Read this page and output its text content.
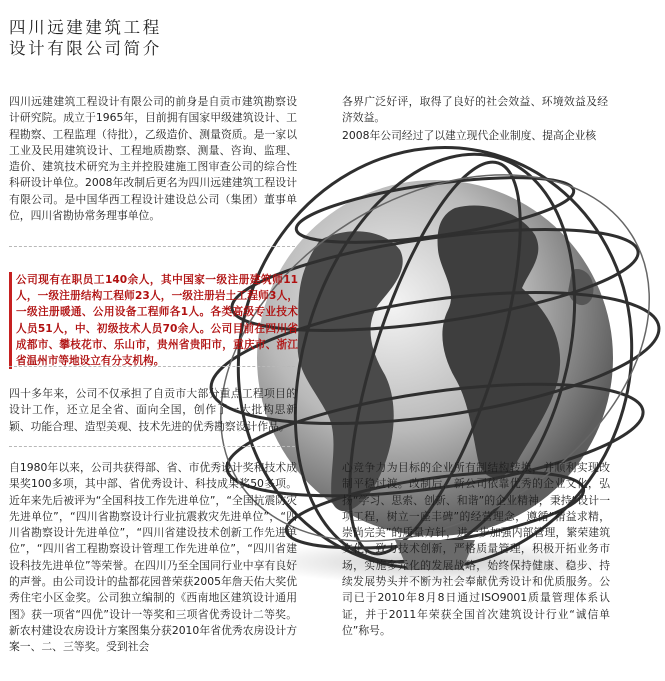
四川远建建筑工程
设计有限公司简介

四川远建建筑工程设计有限公司的前身是自贡市建筑勘察设计研究院。成立于1965年，目前拥有国家甲级建筑设计、工程勘察、工程监理（待批），乙级造价、测量资质。是一家以工业及民用建筑设计、工程地质勘察、测量、咨询、监理、造价、建筑技术研究为主并控股建施工图审查公司的综合性科研设计单位。2008年改制后更名为四川远建建筑工程设计有限公司。是中国华西工程设计建设总公司（集团）董事单位，四川省勘协常务理事单位。

公司现有在职员工140余人，其中国家一级注册建筑师11人，一级注册结构工程师23人，一级注册岩土工程师3人，一级注册暖通、公用设备工程师各1人。各类高级专业技术人员51人，中、初级技术人员70余人。公司目前在四川省成都市、攀枝花市、乐山市，贵州省贵阳市，重庆市、浙江省温州市等地设立有分支机构。

四十多年来，公司不仅承担了自贡市大部分重点工程项目的设计工作，还立足全省、面向全国，创作了一大批构思新颖、功能合理、造型美观、技术先进的优秀勘察设计作品。

自1980年以来，公司共获得部、省、市优秀设计奖和技术成果奖100多项，其中部、省优秀设计、科技成果奖50多项。近年来先后被评为“全国科技工作先进单位”，“全国抗震防灾先进单位”，“四川省勘察设计行业抗震救灾先进单位”，“四川省勘察设计先进单位”，“四川省建设技术创新工作先进单位”，“四川省工程勘察设计管理工作先进单位”，“四川省建设科技先进单位”等荣誉。在四川乃至全国同行业中享有良好的声誉。由公司设计的盐都花园普荣获2005年詹天佑大奖优秀住宅小区金奖。公司独立编制的《西南地区建筑设计通用图》获一项省“四优”设计一等奖和三项省优秀设计二等奖。新农村建设农房设计方案图集分获2010年省优秀农房设计方案一、二、三等奖。受到社会

各界广泛好评，取得了良好的社会效益、环境效益及经济效益。

2008年公司经过了以建立现代企业制度、提高企业核

心竞争力为目标的企业所有制结构转换，并顺利实现改制平稳过渡。改制后，新公司依靠优秀的企业文化，弘扬“学习、思索、创新、和谐”的企业精神，秉持“设计一项工程，树立一座丰碑”的经营理念，遵循“精益求精，崇尚完美”的质量方针，进一步加强内部管理，繁荣建筑文化，致力技术创新，严格质量管理，积极开拓业务市场，实施多元化的发展战略，始终保持健康、稳步、持续发展势头并不断为社会奉献优秀设计和优质服务。公司已于2010年8月8日通过ISO9001质量管理体系认证，并于2011年荣获全国首次建筑设计行业“诚信单位”称号。
